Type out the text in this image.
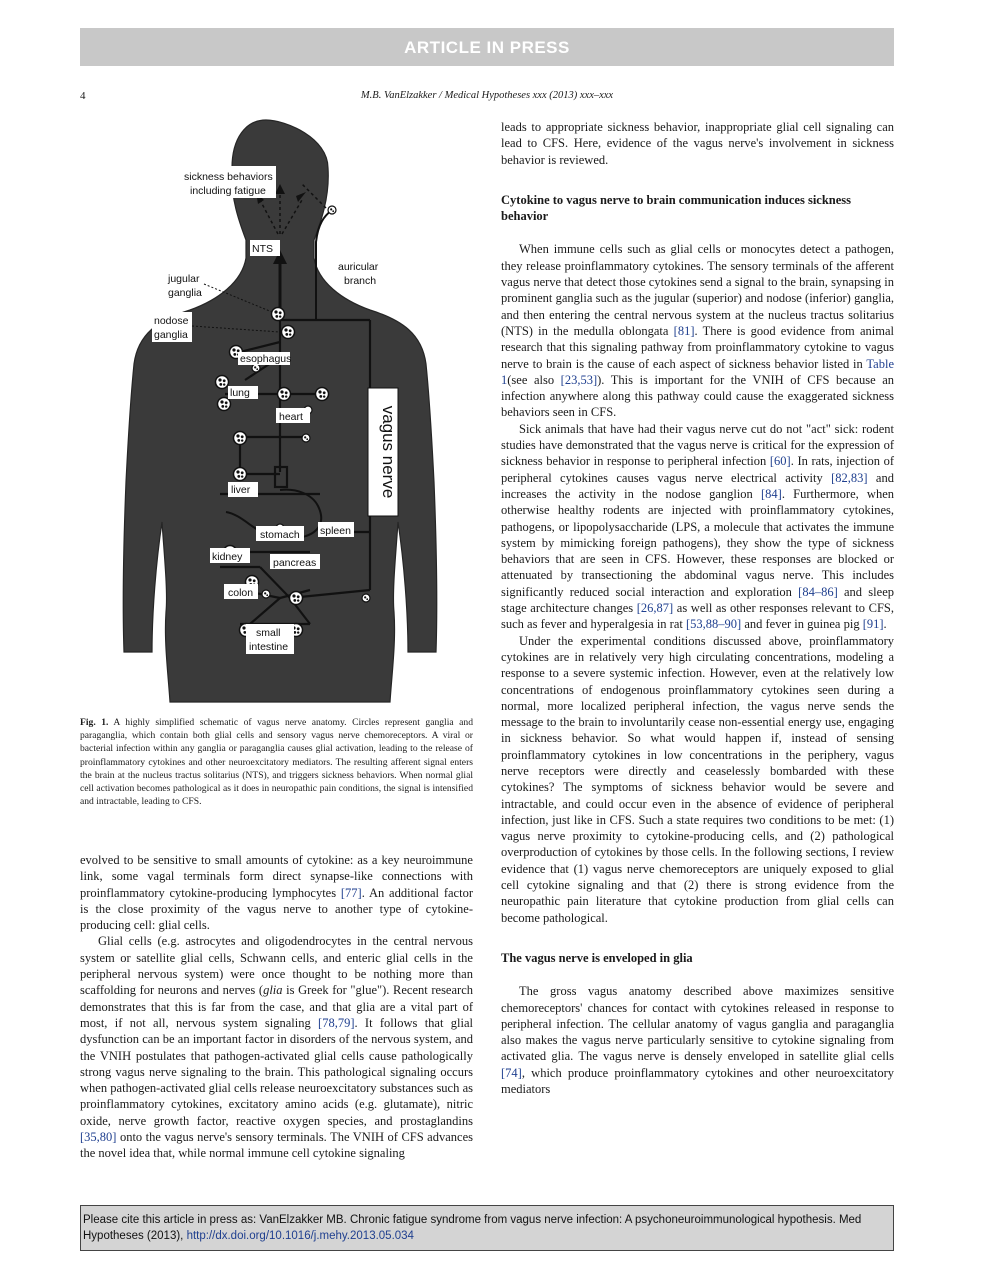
ARTICLE IN PRESS
4	M.B. VanElzakker / Medical Hypotheses xxx (2013) xxx–xxx
vagus nerve
NTS
esophagus
lung
heart
liver
stomach spleen
kidney	pancreas
colon
small
intestine
sickness behaviors
including fatigue
auricular
branch
jugular
ganglia
nodose
ganglia
Fig. 1. A highly simplified schematic of vagus nerve anatomy. Circles represent ganglia and paraganglia, which contain both glial cells and sensory vagus nerve chemoreceptors. A viral or bacterial infection within any ganglia or paraganglia causes glial activation, leading to the release of proinflammatory cytokines and other neuroexcitatory mediators. The resulting afferent signal enters the brain at the nucleus tractus solitarius (NTS), and triggers sickness behaviors. When normal glial cell activation becomes pathological as it does in neuropathic pain conditions, the signal is intensified and intractable, leading to CFS.

evolved to be sensitive to small amounts of cytokine: as a key neuroimmune link, some vagal terminals form direct synapse-like connections with proinflammatory cytokine-producing lymphocytes [77]. An additional factor is the close proximity of the vagus nerve to another type of cytokine-producing cell: glial cells.

Glial cells (e.g. astrocytes and oligodendrocytes in the central nervous system or satellite glial cells, Schwann cells, and enteric glial cells in the peripheral nervous system) were once thought to be nothing more than scaffolding for neurons and nerves (glia is Greek for "glue"). Recent research demonstrates that this is far from the case, and that glia are a vital part of most, if not all, nervous system signaling [78,79]. It follows that glial dysfunction can be an important factor in disorders of the nervous system, and the VNIH postulates that pathogen-activated glial cells cause pathologically strong vagus nerve signaling to the brain. This pathological signaling occurs when pathogen-activated glial cells release neuroexcitatory substances such as proinflammatory cytokines, excitatory amino acids (e.g. glutamate), nitric oxide, nerve growth factor, reactive oxygen species, and prostaglandins [35,80] onto the vagus nerve's sensory terminals. The VNIH of CFS advances the novel idea that, while normal immune cell cytokine signaling

leads to appropriate sickness behavior, inappropriate glial cell signaling can lead to CFS. Here, evidence of the vagus nerve's involvement in sickness behavior is reviewed.

Cytokine to vagus nerve to brain communication induces sickness behavior

When immune cells such as glial cells or monocytes detect a pathogen, they release proinflammatory cytokines. The sensory terminals of the afferent vagus nerve that detect those cytokines send a signal to the brain, synapsing in prominent ganglia such as the jugular (superior) and nodose (inferior) ganglia, and then entering the central nervous system at the nucleus tractus solitarius (NTS) in the medulla oblongata [81]. There is good evidence from animal research that this signaling pathway from proinflammatory cytokine to vagus nerve to brain is the cause of each aspect of sickness behavior listed in Table 1(see also [23,53]). This is important for the VNIH of CFS because an infection anywhere along this pathway could cause the exaggerated sickness behaviors seen in CFS.

Sick animals that have had their vagus nerve cut do not "act" sick: rodent studies have demonstrated that the vagus nerve is critical for the expression of sickness behavior in response to peripheral infection [60]. In rats, injection of peripheral cytokines causes vagus nerve electrical activity [82,83] and increases the activity in the nodose ganglion [84]. Furthermore, when otherwise healthy rodents are injected with proinflammatory cytokines, pathogens, or lipopolysaccharide (LPS, a molecule that activates the immune system by mimicking foreign pathogens), they show the type of sickness behaviors that are seen in CFS. However, these responses are blocked or attenuated by transectioning the abdominal vagus nerve. This includes significantly reduced social interaction and exploration [84–86] and sleep stage architecture changes [26,87] as well as other responses relevant to CFS, such as fever and hyperalgesia in rat [53,88–90] and fever in guinea pig [91].

Under the experimental conditions discussed above, proinflammatory cytokines are in relatively very high circulating concentrations, modeling a response to a severe systemic infection. However, even at the relatively low concentrations of endogenous proinflammatory cytokines seen during a normal, more localized peripheral infection, the vagus nerve sends the message to the brain to involuntarily cease non-essential energy use, engaging in sickness behavior. So what would happen if, instead of sensing proinflammatory cytokines in low concentrations in the periphery, vagus nerve receptors were directly and ceaselessly bombarded with these cytokines? The symptoms of sickness behavior would be severe and intractable, and could occur even in the absence of evidence of peripheral infection, just like in CFS. Such a state requires two conditions to be met: (1) vagus nerve proximity to cytokine-producing cells, and (2) pathological overproduction of cytokines by those cells. In the following sections, I review evidence that (1) vagus nerve chemoreceptors are uniquely exposed to glial cell cytokine signaling and that (2) there is strong evidence from the neuropathic pain literature that cytokine production from glial cells can become pathological.

The vagus nerve is enveloped in glia

The gross vagus anatomy described above maximizes sensitive chemoreceptors' chances for contact with cytokines released in response to peripheral infection. The cellular anatomy of vagus ganglia and paraganglia also makes the vagus nerve particularly sensitive to cytokine signaling from activated glia. The vagus nerve is densely enveloped in satellite glial cells [74], which produce proinflammatory cytokines and other neuroexcitatory mediators

Please cite this article in press as: VanElzakker MB. Chronic fatigue syndrome from vagus nerve infection: A psychoneuroimmunological hypothesis. Med Hypotheses (2013), http://dx.doi.org/10.1016/j.mehy.2013.05.034
